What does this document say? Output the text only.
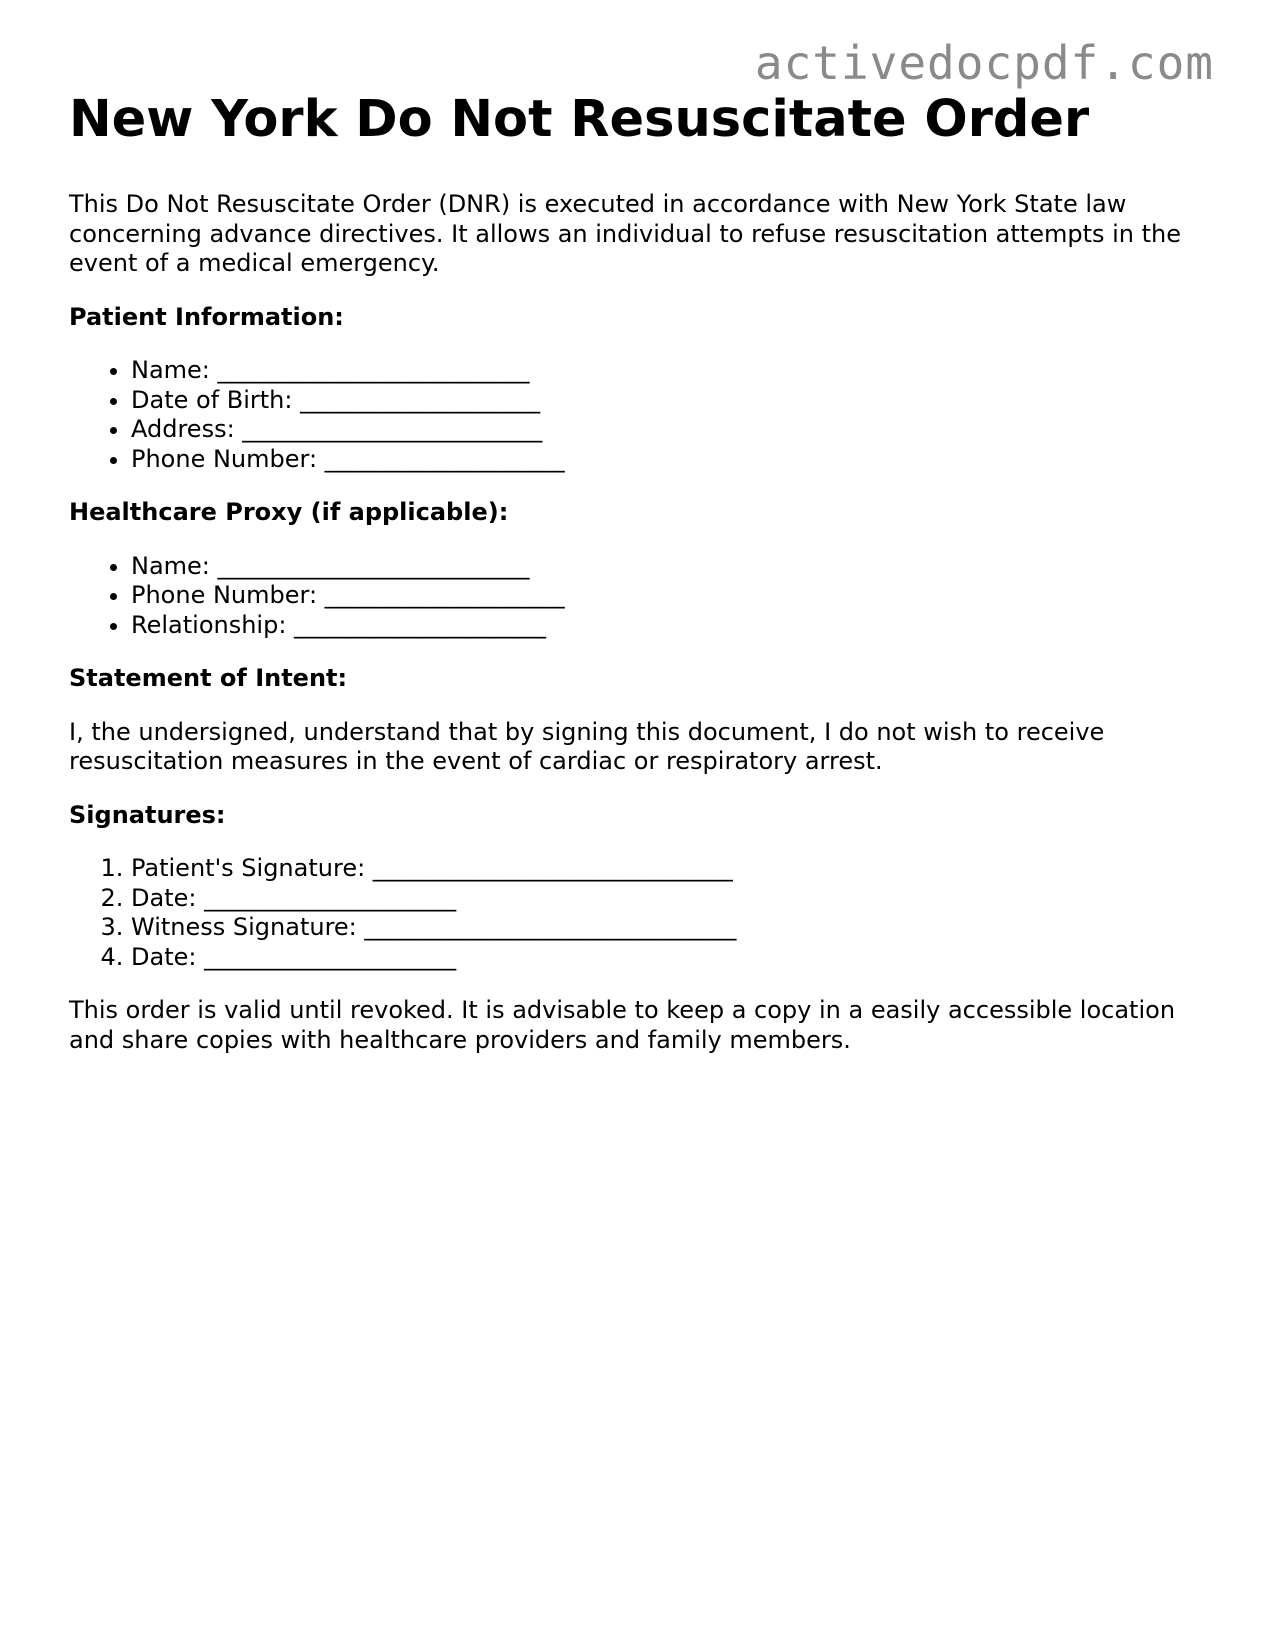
activedocpdf.com
New York Do Not Resuscitate Order

This Do Not Resuscitate Order (DNR) is executed in accordance with New York State law concerning advance directives. It allows an individual to refuse resuscitation attempts in the event of a medical emergency.

Patient Information:

• Name: __________________________
• Date of Birth: ____________________
• Address: _________________________
• Phone Number: ____________________

Healthcare Proxy (if applicable):

• Name: __________________________
• Phone Number: ____________________
• Relationship: _____________________

Statement of Intent:

I, the undersigned, understand that by signing this document, I do not wish to receive resuscitation measures in the event of cardiac or respiratory arrest.

Signatures:

1. Patient's Signature: ______________________________
2. Date: _____________________
3. Witness Signature: _______________________________
4. Date: _____________________

This order is valid until revoked. It is advisable to keep a copy in a easily accessible location and share copies with healthcare providers and family members.
